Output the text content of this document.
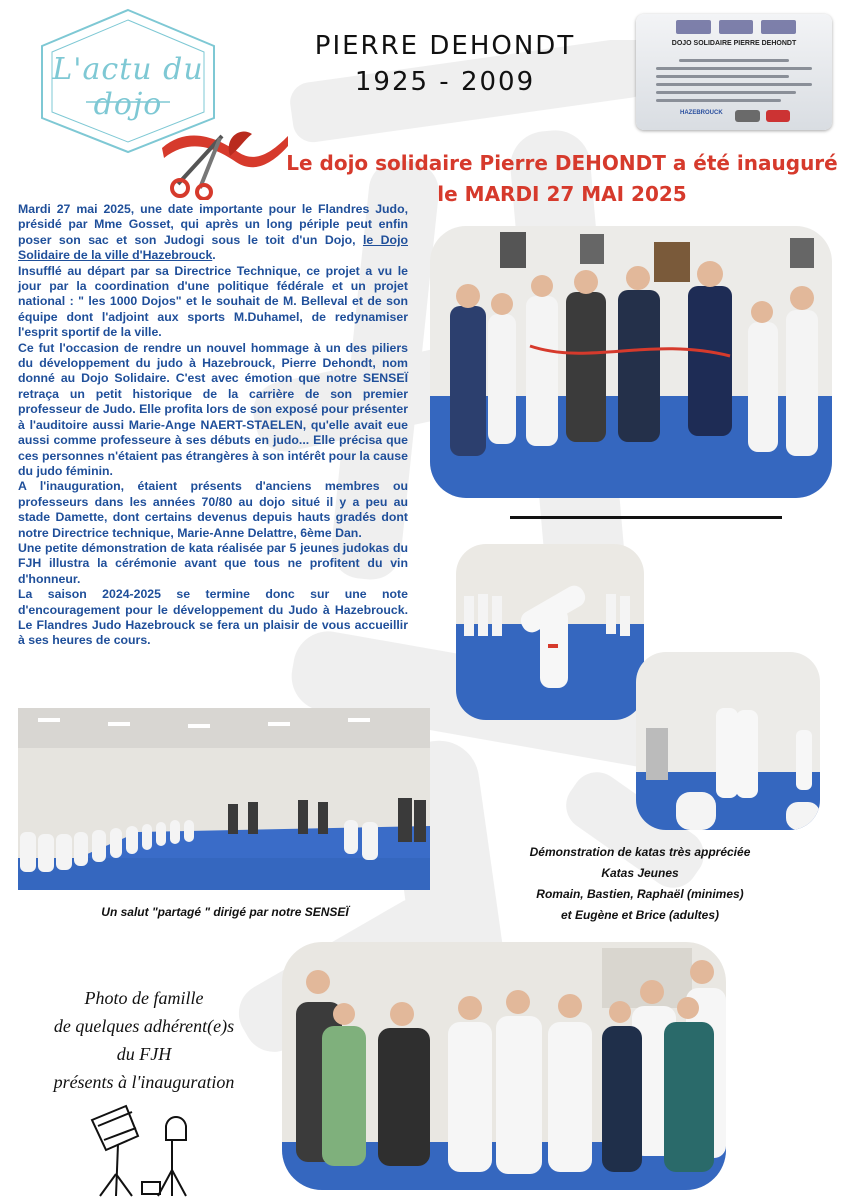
L'actu du dojo
PIERRE DEHONDT
1925 - 2009
DOJO SOLIDAIRE PIERRE DEHONDT
HAZEBROUCK
Le dojo solidaire Pierre DEHONDT a été inauguré
le MARDI 27 MAI 2025

Mardi 27 mai 2025, une date importante pour le Flandres Judo, présidé par Mme Gosset, qui après un long périple peut enfin poser son sac et son Judogi sous le toit d'un Dojo, le Dojo Solidaire de la ville d'Hazebrouck.

Insufflé au départ par sa Directrice Technique, ce projet a vu le jour par la coordination d'une politique fédérale et un projet national : " les 1000 Dojos" et le souhait de M. Belleval et de son équipe dont l'adjoint aux sports M.Duhamel, de redynamiser l'esprit sportif de la ville.

Ce fut l'occasion de rendre un nouvel hommage à un des piliers du développement du judo à Hazebrouck, Pierre Dehondt, nom donné au Dojo Solidaire. C'est avec émotion que notre SENSEÏ retraça un petit historique de la carrière de son premier professeur de Judo. Elle profita lors de son exposé pour présenter à l'auditoire aussi Marie-Ange NAERT-STAELEN, qu'elle avait eue aussi comme professeure à ses débuts en judo... Elle précisa que ces personnes n'étaient pas étrangères à son intérêt pour la cause du judo féminin.

A l'inauguration, étaient présents d'anciens membres ou professeurs dans les années 70/80 au dojo situé il y a peu au stade Damette, dont certains devenus depuis hauts gradés dont notre Directrice technique, Marie-Anne Delattre, 6ème Dan.

Une petite démonstration de kata réalisée par 5 jeunes judokas du FJH illustra la cérémonie avant que tous ne profitent du vin d'honneur.

La saison 2024-2025 se termine donc sur une note d'encouragement pour le développement du Judo à Hazebrouck. Le Flandres Judo Hazebrouck se fera un plaisir de vous accueillir à ses heures de cours.

Un salut "partagé " dirigé par notre SENSEÏ
Démonstration de katas très appréciée
Katas Jeunes
Romain, Bastien, Raphaël (minimes)
et Eugène et Brice (adultes)
Photo de famille
de quelques adhérent(e)s
du FJH
présents à l'inauguration
